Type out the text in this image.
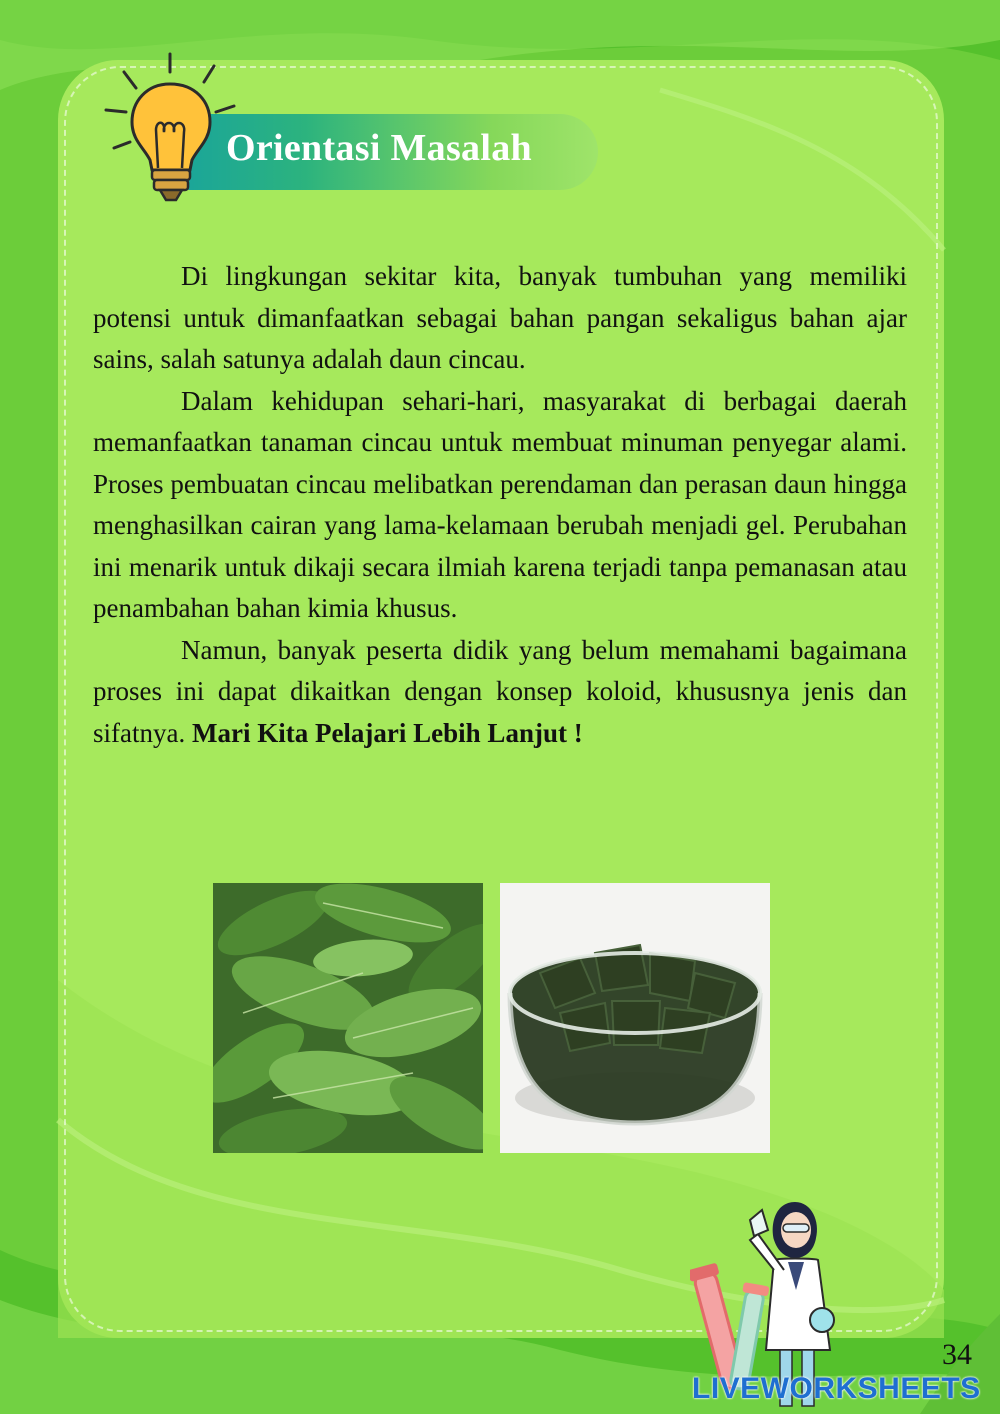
Orientasi Masalah

Di lingkungan sekitar kita, banyak tumbuhan yang memiliki potensi untuk dimanfaatkan sebagai bahan pangan sekaligus bahan ajar sains, salah satunya adalah daun cincau.

Dalam kehidupan sehari-hari, masyarakat di berbagai daerah memanfaatkan tanaman cincau untuk membuat minuman penyegar alami. Proses pembuatan cincau melibatkan perendaman dan perasan daun hingga menghasilkan cairan yang lama-kelamaan berubah menjadi gel. Perubahan ini menarik untuk dikaji secara ilmiah karena terjadi tanpa pemanasan atau penambahan bahan kimia khusus.

Namun, banyak peserta didik yang belum memahami bagaimana proses ini dapat dikaitkan dengan konsep koloid, khususnya jenis dan sifatnya. Mari Kita Pelajari Lebih Lanjut !

34
LIVEWORKSHEETS
